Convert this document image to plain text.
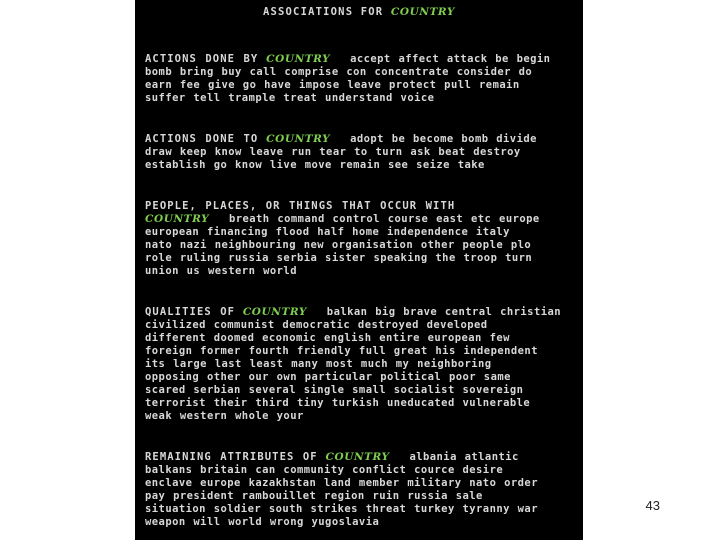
ASSOCIATIONS FOR COUNTRY
ACTIONS DONE BY COUNTRY accept affect attack be begin
bomb bring buy call comprise con concentrate consider do
earn fee give go have impose leave protect pull remain
suffer tell trample treat understand voice
ACTIONS DONE TO COUNTRY adopt be become bomb divide
draw keep know leave run tear to turn ask beat destroy
establish go know live move remain see seize take
PEOPLE, PLACES, OR THINGS THAT OCCUR WITH
COUNTRY breath command control course east etc europe
european financing flood half home independence italy
nato nazi neighbouring new organisation other people plo
role ruling russia serbia sister speaking the troop turn
union us western world
QUALITIES OF COUNTRY balkan big brave central christian
civilized communist democratic destroyed developed
different doomed economic english entire european few
foreign former fourth friendly full great his independent
its large last least many most much my neighboring
opposing other our own particular political poor same
scared serbian several single small socialist sovereign
terrorist their third tiny turkish uneducated vulnerable
weak western whole your
REMAINING ATTRIBUTES OF COUNTRY albania atlantic
balkans britain can community conflict cource desire
enclave europe kazakhstan land member military nato order
pay president rambouillet region ruin russia sale
situation soldier south strikes threat turkey tyranny war
weapon will world wrong yugoslavia
43
